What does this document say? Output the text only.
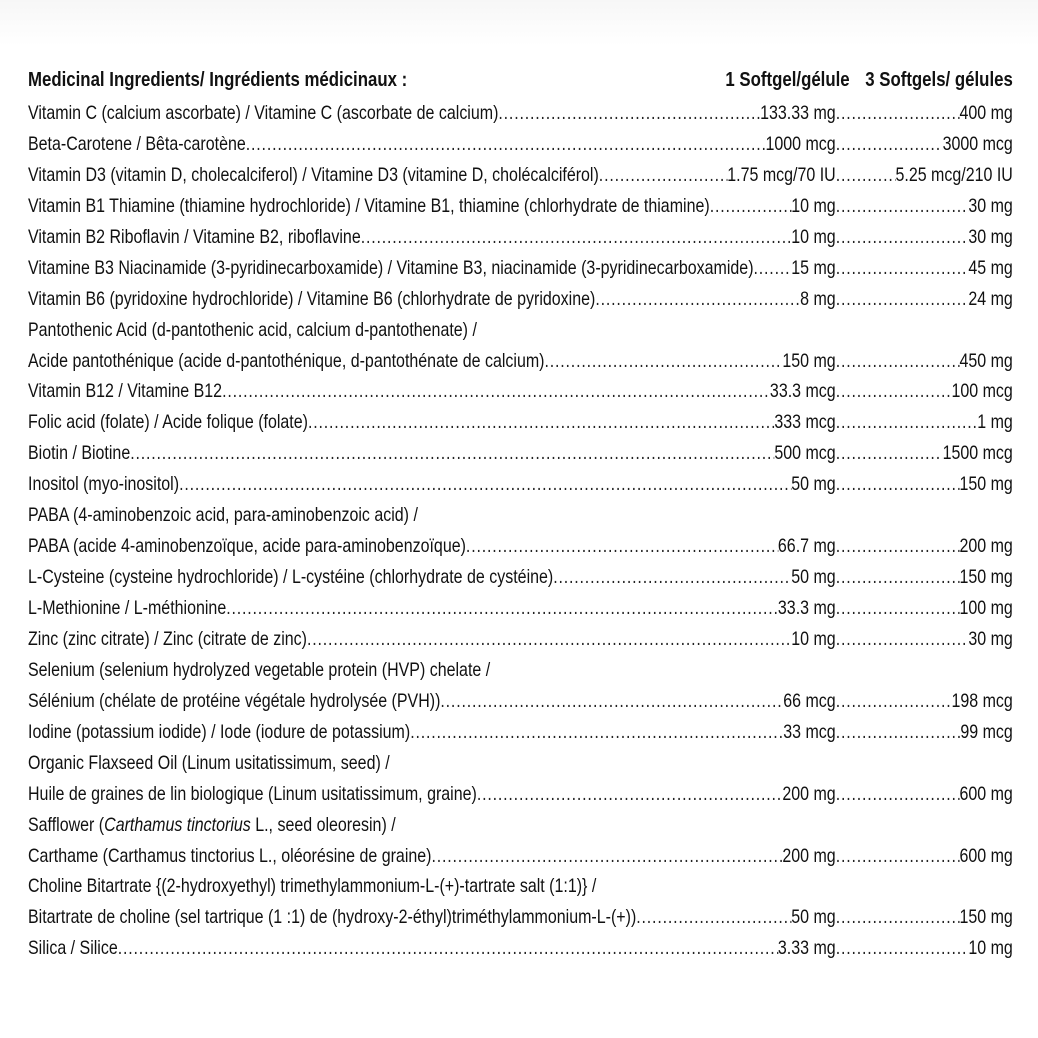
Medicinal Ingredients/ Ingrédients médicinaux :	1 Softgel/gélule 3 Softgels/ gélules
Vitamin C (calcium ascorbate) / Vitamine C (ascorbate de calcium) .....	133.33 mg .....	400 mg
Beta-Carotene / Bêta-carotène .....	1000 mcg .....	3000 mcg
Vitamin D3 (vitamin D, cholecalciferol) / Vitamine D3 (vitamine D, cholécalciférol) .....	1.75 mcg/70 IU .....	5.25 mcg/210 IU
Vitamin B1 Thiamine (thiamine hydrochloride) / Vitamine B1, thiamine (chlorhydrate de thiamine) .....	10 mg .....	30 mg
Vitamin B2 Riboflavin / Vitamine B2, riboflavine .....	10 mg .....	30 mg
Vitamine B3 Niacinamide (3-pyridinecarboxamide) / Vitamine B3, niacinamide (3-pyridinecarboxamide) ..... 15 mg .....	45 mg
Vitamin B6 (pyridoxine hydrochloride) / Vitamine B6 (chlorhydrate de pyridoxine) .....	8 mg .....	24 mg
Pantothenic Acid (d-pantothenic acid, calcium d-pantothenate) /
Acide pantothénique (acide d-pantothénique, d-pantothénate de calcium) .....	150 mg .....	450 mg
Vitamin B12 / Vitamine B12 .....	33.3 mcg .....	100 mcg
Folic acid (folate) / Acide folique (folate) .....	333 mcg .....	1 mg
Biotin / Biotine .....	500 mcg .....	1500 mcg
Inositol (myo-inositol) .....	50 mg .....	150 mg
PABA (4-aminobenzoic acid, para-aminobenzoic acid) /
PABA (acide 4-aminobenzoïque, acide para-aminobenzoïque) .....	66.7 mg .....	200 mg
L-Cysteine (cysteine hydrochloride) / L-cystéine (chlorhydrate de cystéine) .....	50 mg .....	150 mg
L-Methionine / L-méthionine .....	33.3 mg .....	100 mg
Zinc (zinc citrate) / Zinc (citrate de zinc) .....	10 mg .....	30 mg
Selenium (selenium hydrolyzed vegetable protein (HVP) chelate /
Sélénium (chélate de protéine végétale hydrolysée (PVH)) .....	66 mcg .....	198 mcg
Iodine (potassium iodide) / Iode (iodure de potassium) .....	33 mcg .....	99 mcg
Organic Flaxseed Oil (Linum usitatissimum, seed) /
Huile de graines de lin biologique (Linum usitatissimum, graine) .....	200 mg .....	600 mg
Safflower (Carthamus tinctorius L., seed oleoresin) /
Carthame (Carthamus tinctorius L., oléorésine de graine) .....	200 mg .....	600 mg
Choline Bitartrate {(2-hydroxyethyl) trimethylammonium-L-(+)-tartrate salt (1:1)} /
Bitartrate de choline (sel tartrique (1 :1) de (hydroxy-2-éthyl)triméthylammonium-L-(+)) .....	50 mg .....	150 mg
Silica / Silice .....	3.33 mg .....	10 mg
